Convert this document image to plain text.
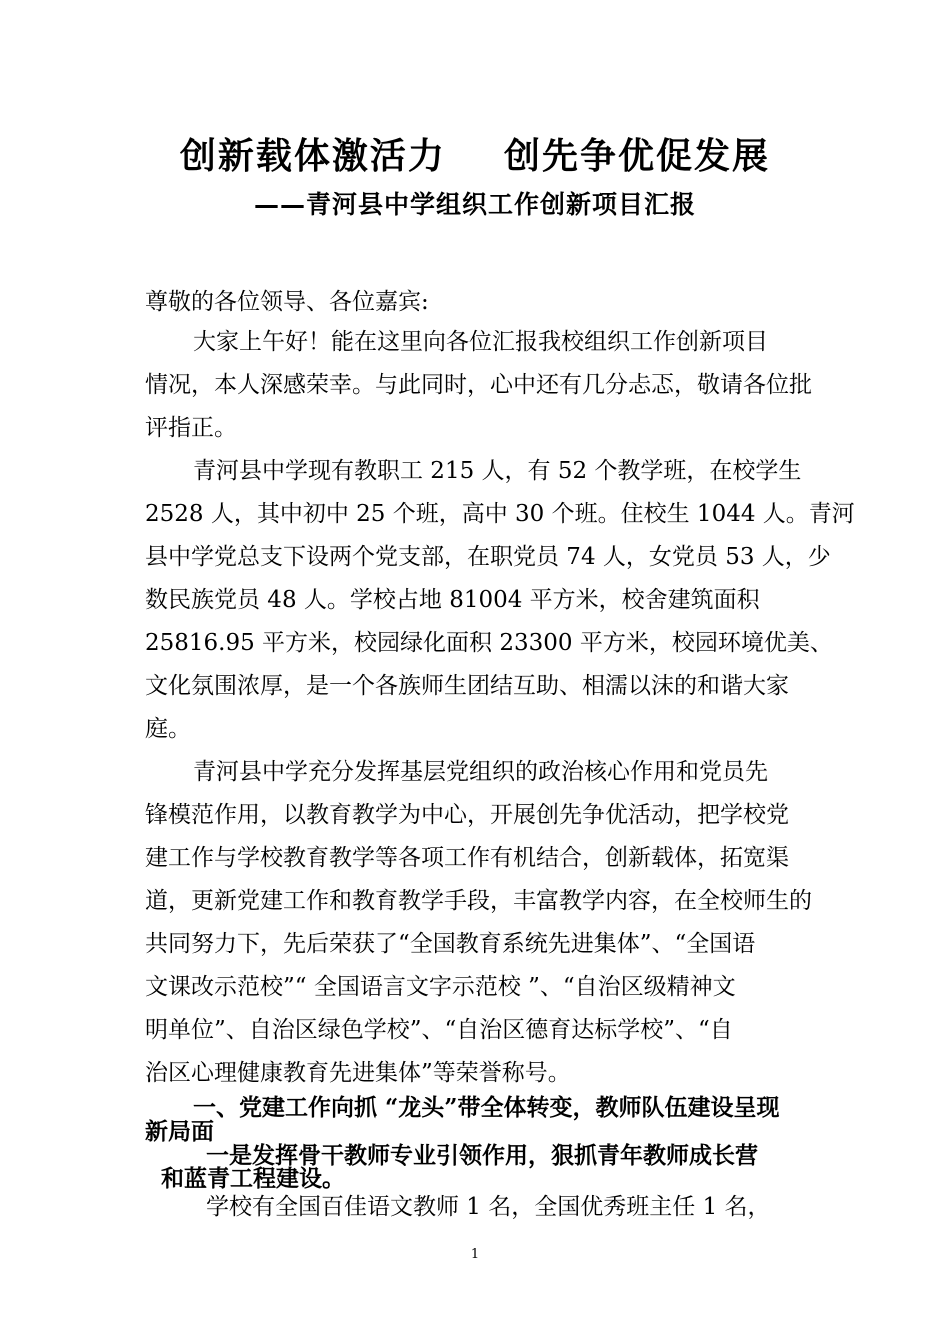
创新载体激活力    创先争优促发展
——青河县中学组织工作创新项目汇报
尊敬的各位领导、各位嘉宾:
大家上午好！能在这里向各位汇报我校组织工作创新项目
情况，本人深感荣幸。与此同时，心中还有几分忐忑，敬请各位批
评指正。
青河县中学现有教职工 215 人，有 52 个教学班，在校学生
2528 人，其中初中 25 个班，高中 30 个班。住校生 1044 人。青河
县中学党总支下设两个党支部，在职党员 74 人，女党员 53 人，少
数民族党员 48 人。学校占地 81004 平方米，校舍建筑面积
25816.95 平方米，校园绿化面积 23300 平方米，校园环境优美、
文化氛围浓厚，是一个各族师生团结互助、相濡以沫的和谐大家
庭。
青河县中学充分发挥基层党组织的政治核心作用和党员先
锋模范作用，以教育教学为中心，开展创先争优活动，把学校党
建工作与学校教育教学等各项工作有机结合，创新载体，拓宽渠
道，更新党建工作和教育教学手段，丰富教学内容，在全校师生的
共同努力下，先后荣获了“全国教育系统先进集体”、“全国语
文课改示范校”“ 全国语言文字示范校 ”、“自治区级精神文
明单位”、自治区绿色学校”、“自治区德育达标学校”、“自
治区心理健康教育先进集体”等荣誉称号。
一、党建工作向抓 “龙头”带全体转变，教师队伍建设呈现
新局面
一是发挥骨干教师专业引领作用，狠抓青年教师成长营
和蓝青工程建设。
学校有全国百佳语文教师 1 名，全国优秀班主任 1 名，
1
